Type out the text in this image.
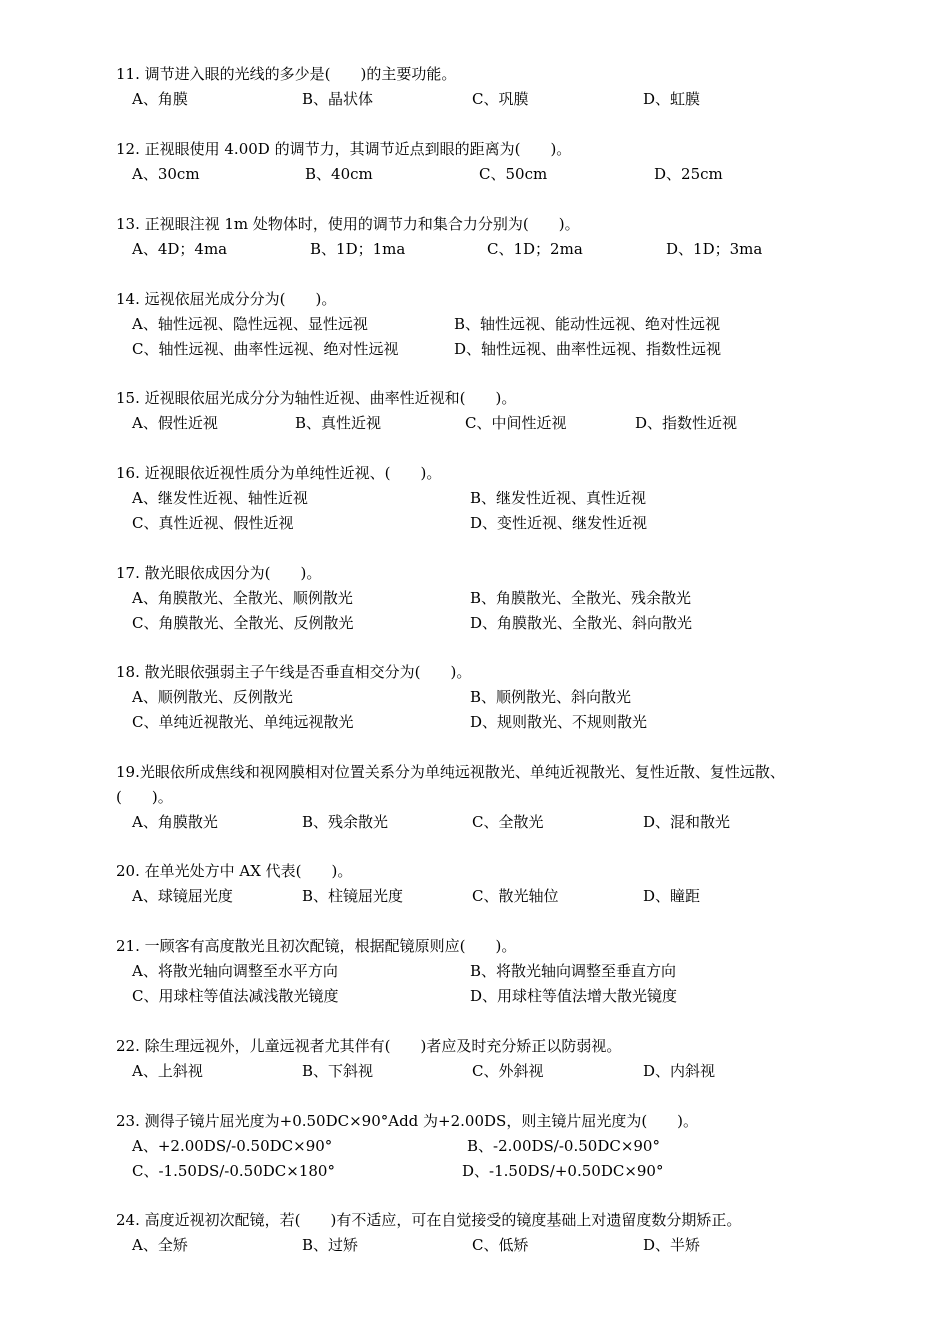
11. 调节进入眼的光线的多少是(　　)的主要功能。
A、角膜	B、晶状体	C、巩膜	D、虹膜
12. 正视眼使用 4.00D 的调节力，其调节近点到眼的距离为(　　)。
A、30cm	B、40cm	C、50cm	D、25cm
13. 正视眼注视 1m 处物体时，使用的调节力和集合力分别为(　　)。
A、4D；4ma	B、1D；1ma	C、1D；2ma	D、1D；3ma
14. 远视依屈光成分分为(　　)。
A、轴性远视、隐性远视、显性远视	B、轴性远视、能动性远视、绝对性远视
C、轴性远视、曲率性远视、绝对性远视	D、轴性远视、曲率性远视、指数性远视
15. 近视眼依屈光成分分为轴性近视、曲率性近视和(　　)。
A、假性近视	B、真性近视	C、中间性近视	D、指数性近视
16. 近视眼依近视性质分为单纯性近视、(　　)。
A、继发性近视、轴性近视	B、继发性近视、真性近视
C、真性近视、假性近视	D、变性近视、继发性近视
17. 散光眼依成因分为(　　)。
A、角膜散光、全散光、顺例散光	B、角膜散光、全散光、残余散光
C、角膜散光、全散光、反例散光	D、角膜散光、全散光、斜向散光
18. 散光眼依强弱主子午线是否垂直相交分为(　　)。
A、顺例散光、反例散光	B、顺例散光、斜向散光
C、单纯近视散光、单纯远视散光	D、规则散光、不规则散光
19.光眼依所成焦线和视网膜相对位置关系分为单纯远视散光、单纯近视散光、复性近散、复性远散、(　　)。
A、角膜散光	B、残余散光	C、全散光	D、混和散光
20. 在单光处方中 AX 代表(　　)。
A、球镜屈光度	B、柱镜屈光度	C、散光轴位	D、瞳距
21. 一顾客有高度散光且初次配镜，根据配镜原则应(　　)。
A、将散光轴向调整至水平方向	B、将散光轴向调整至垂直方向
C、用球柱等值法减浅散光镜度	D、用球柱等值法增大散光镜度
22. 除生理远视外，儿童远视者尤其伴有(　　)者应及时充分矫正以防弱视。
A、上斜视	B、下斜视	C、外斜视	D、内斜视
23. 测得子镜片屈光度为+0.50DC×90°Add 为+2.00DS，则主镜片屈光度为(　　)。
A、+2.00DS/-0.50DC×90°	B、-2.00DS/-0.50DC×90°
C、-1.50DS/-0.50DC×180°	D、-1.50DS/+0.50DC×90°
24. 高度近视初次配镜，若(　　)有不适应，可在自觉接受的镜度基础上对遗留度数分期矫正。
A、全矫	B、过矫	C、低矫	D、半矫
